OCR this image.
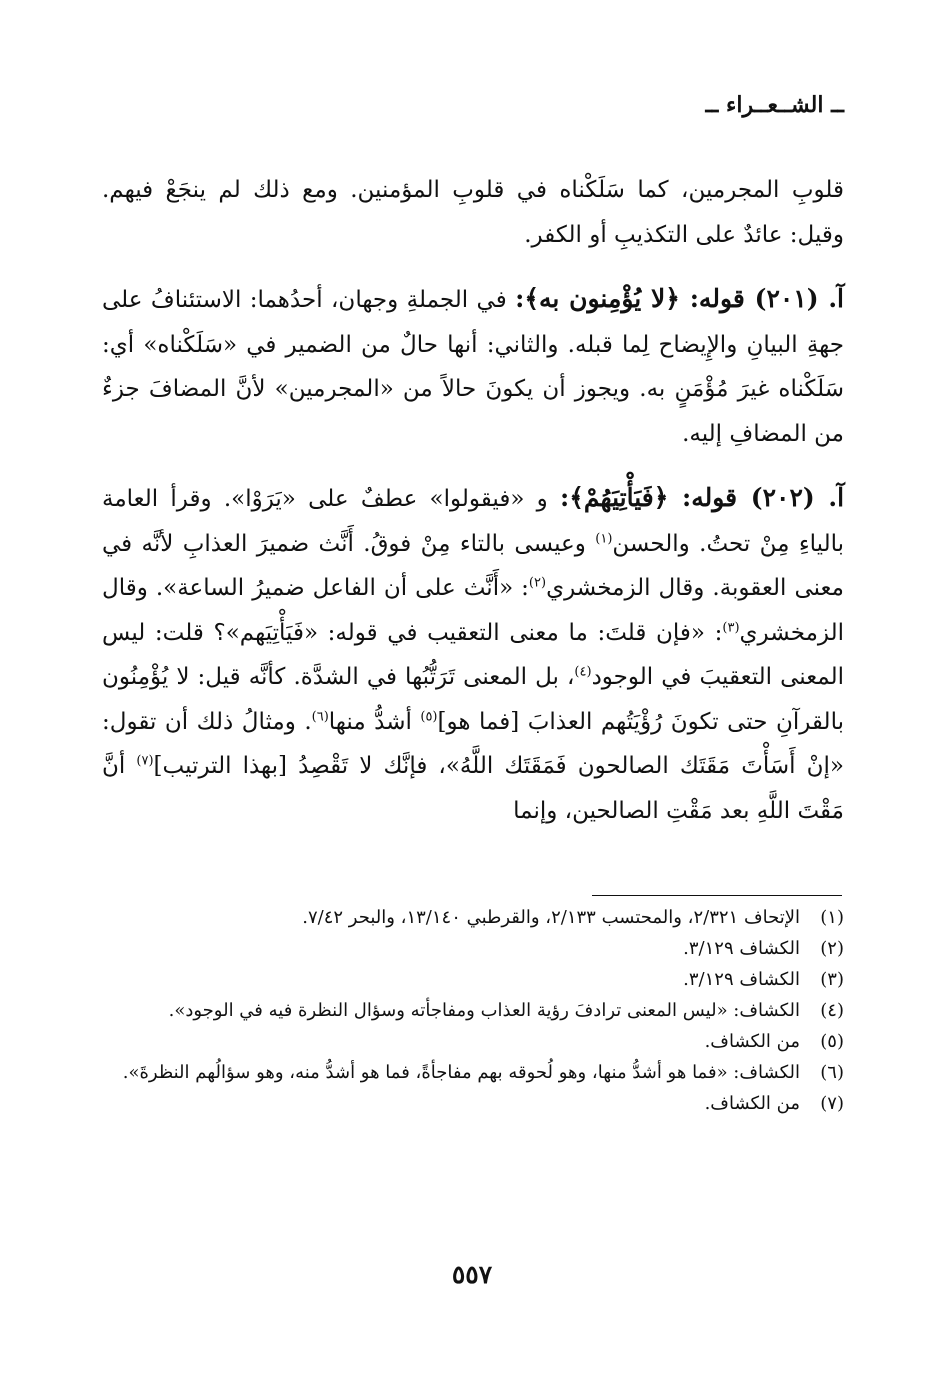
ــ الشــعــراء ــ

قلوبِ المجرمين، كما سَلَكْناه في قلوبِ المؤمنين. ومع ذلك لم ينجَعْ فيهم. وقيل: عائدٌ على التكذيبِ أو الكفر.

آ. (٢٠١) قوله: ﴿لا يُؤْمِنون به﴾: في الجملةِ وجهان، أحدُهما: الاستئنافُ على جهةِ البيانِ والإِيضاح لِما قبله. والثاني: أنها حالٌ من الضمير في «سَلَكْناه» أي: سَلَكْناه غيرَ مُؤْمَنٍ به. ويجوز أن يكونَ حالاً من «المجرمين» لأنَّ المضافَ جزءٌ من المضافِ إليه.

آ. (٢٠٢) قوله: ﴿فَيَأْتِيَهُمْ﴾: و «فيقولوا» عطفٌ على «يَرَوْا». وقرأ العامة بالياءِ مِنْ تحتُ. والحسن$^{(١)}$ وعيسى بالتاء مِنْ فوقُ. أَنَّث ضميرَ العذابِ لأنَّه في معنى العقوبة. وقال الزمخشري$^{(٢)}$: «أَنَّث على أن الفاعل ضميرُ الساعة». وقال الزمخشري$^{(٣)}$: «فإن قلتَ: ما معنى التعقيب في قوله: «فَيَأْتِيَهم»؟ قلت: ليس المعنى التعقيبَ في الوجود$^{(٤)}$، بل المعنى تَرَتُّبُها في الشدَّة. كأنَّه قيل: لا يُؤْمِنُون بالقرآنِ حتى تكونَ رُؤْيَتُهم العذابَ [فما هو]$^{(٥)}$ أشدُّ منها$^{(٦)}$. ومثالُ ذلك أن تقول: «إنْ أَسَأْتَ مَقَتَك الصالحون فَمَقَتَك اللَّهُ»، فإنَّك لا تَقْصِدُ [بهذا الترتيب]$^{(٧)}$ أنَّ مَقْتَ اللَّهِ بعد مَقْتِ الصالحين، وإنما

(١)
الإتحاف ٢/٣٢١، والمحتسب ٢/١٣٣، والقرطبي ١٣/١٤٠، والبحر ٧/٤٢.
(٢)
الكشاف ٣/١٢٩.
(٣)
الكشاف ٣/١٢٩.
(٤)
الكشاف: «ليس المعنى ترادفَ رؤية العذاب ومفاجأته وسؤال النظرة فيه في الوجود».
(٥)
من الكشاف.
(٦)
الكشاف: «فما هو أشدُّ منها، وهو لُحوقه بهم مفاجأةً، فما هو أشدُّ منه، وهو سؤالُهم النظرةَ».
(٧)
من الكشاف.
٥٥٧
